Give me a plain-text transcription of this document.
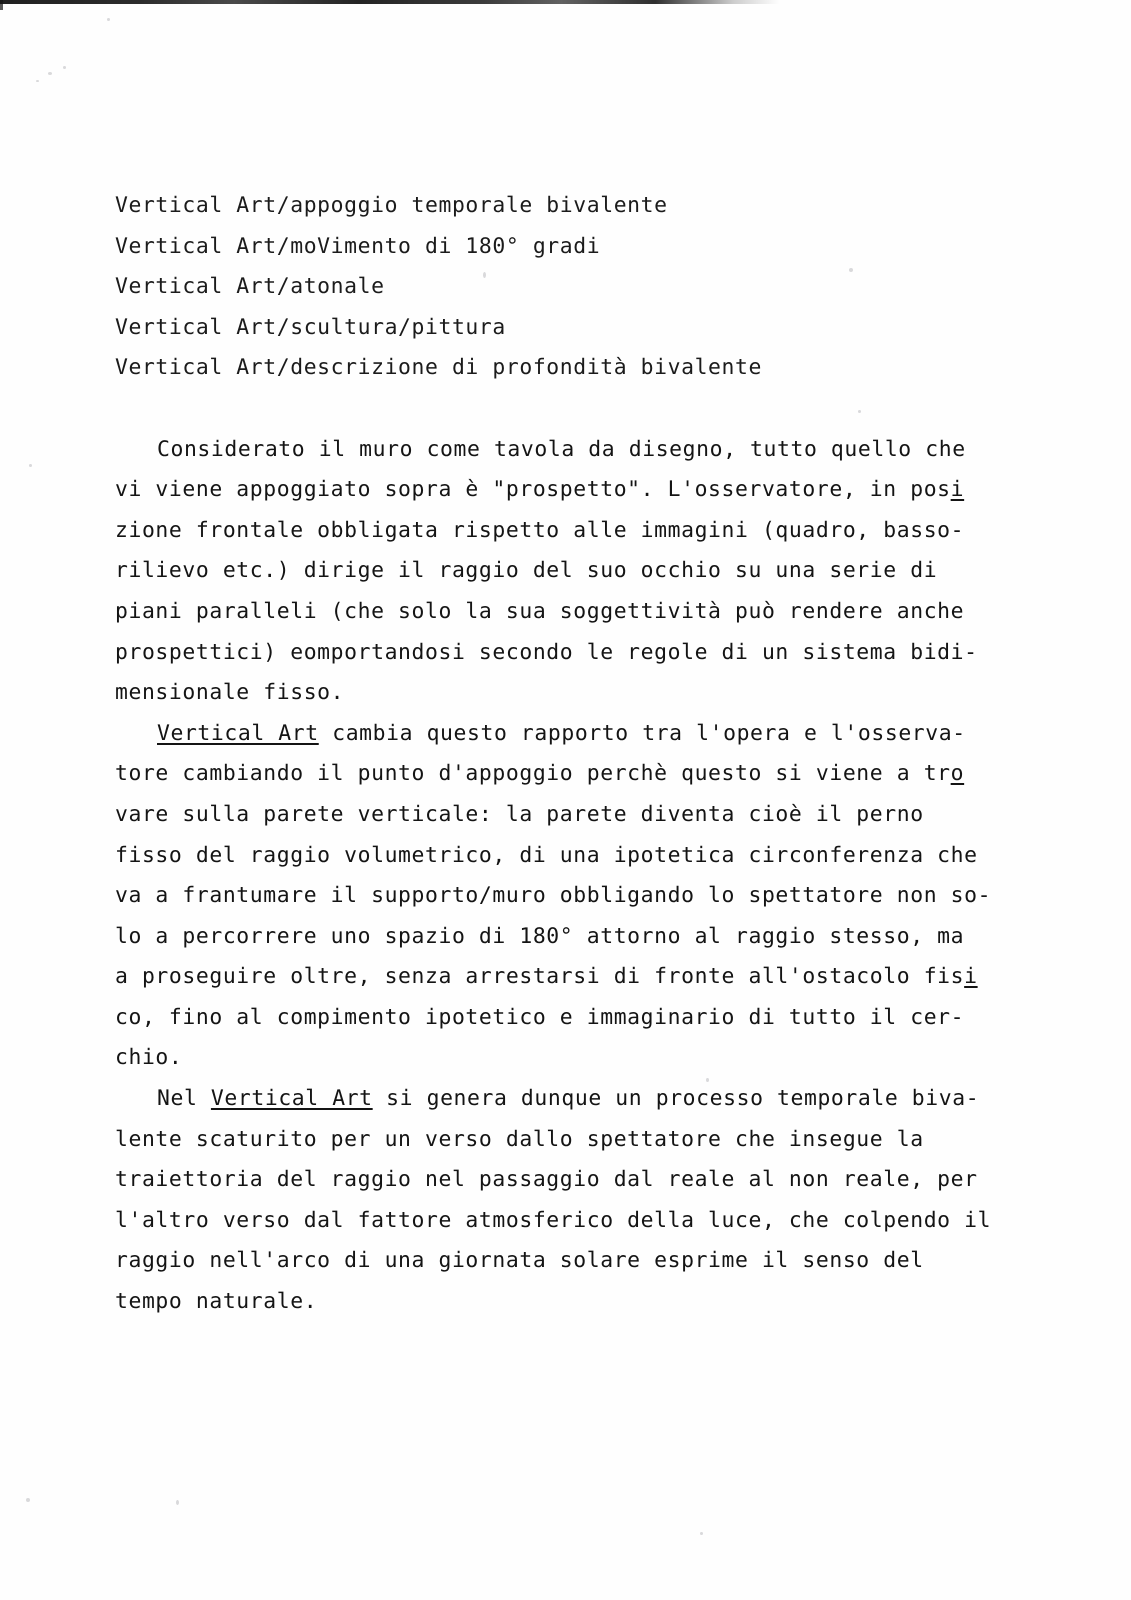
Vertical Art/appoggio temporale bivalente
Vertical Art/moVimento di 180° gradi
Vertical Art/atonale
Vertical Art/scultura/pittura
Vertical Art/descrizione di profondità bivalente
Considerato il muro come tavola da disegno, tutto quello che
vi viene appoggiato sopra è "prospetto". L'osservatore, in posi
zione frontale obbligata rispetto alle immagini (quadro, basso-
rilievo etc.) dirige il raggio del suo occhio su una serie di
piani paralleli (che solo la sua soggettività può rendere anche
prospettici) eomportandosi secondo le regole di un sistema bidi-
mensionale fisso.
Vertical Art cambia questo rapporto tra l'opera e l'osserva-
tore cambiando il punto d'appoggio perchè questo si viene a tro
vare sulla parete verticale: la parete diventa cioè il perno
fisso del raggio volumetrico, di una ipotetica circonferenza che
va a frantumare il supporto/muro obbligando lo spettatore non so-
lo a percorrere uno spazio di 180° attorno al raggio stesso, ma
a proseguire oltre, senza arrestarsi di fronte all'ostacolo fisi
co, fino al compimento ipotetico e immaginario di tutto il cer-
chio.
Nel Vertical Art si genera dunque un processo temporale biva-
lente scaturito per un verso dallo spettatore che insegue la
traiettoria del raggio nel passaggio dal reale al non reale, per
l'altro verso dal fattore atmosferico della luce, che colpendo il
raggio nell'arco di una giornata solare esprime il senso del
tempo naturale.
